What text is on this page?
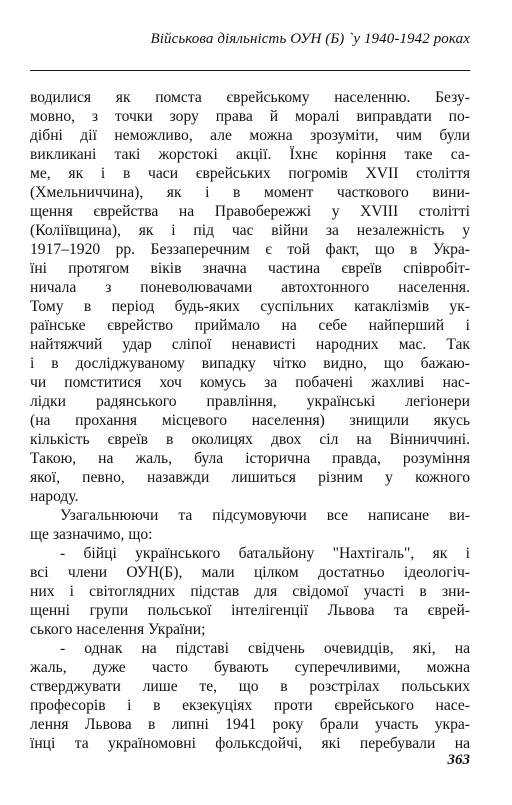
Військова діяльність ОУН (Б) `у 1940-1942 роках
водилися як помста єврейському населенню. Безу-
мовно, з точки зору права й моралі виправдати по-
дібні дії неможливо, але можна зрозуміти, чим були
викликані такі жорстокі акції. Їхнє коріння таке са-
ме, як і в часи єврейських погромів XVII століття
(Хмельниччина), як і в момент часткового вини-
щення єврейства на Правобережжі у XVIII столітті
(Коліївщина), як і під час війни за незалежність у
1917–1920 рр. Беззаперечним є той факт, що в Укра-
їні протягом віків значна частина євреїв співробіт-
ничала з поневолювачами автохтонного населення.
Тому в період будь-яких суспільних катаклізмів ук-
раїнське єврейство приймало на себе найперший і
найтяжчий удар сліпої ненависті народних мас. Так
і в досліджуваному випадку чітко видно, що бажаю-
чи помститися хоч комусь за побачені жахливі нас-
лідки радянського правління, українські легіонери
(на прохання місцевого населення) знищили якусь
кількість євреїв в околицях двох сіл на Вінниччині.
Такою, на жаль, була історична правда, розуміння
якої, певно, назавжди лишиться різним у кожного
народу.
Узагальнюючи та підсумовуючи все написане ви-
ще зазначимо, що:
- бійці українського батальйону "Нахтігаль", як і
всі члени ОУН(Б), мали цілком достатньо ідеологіч-
них і світоглядних підстав для свідомої участі в зни-
щенні групи польської інтелігенції Львова та єврей-
ського населення України;
- однак на підставі свідчень очевидців, які, на
жаль, дуже часто бувають суперечливими, можна
стверджувати лише те, що в розстрілах польських
професорів і в екзекуціях проти єврейського насе-
лення Львова в липні 1941 року брали участь укра-
їнці та україномовні фольксдойчі, які перебували на
363
